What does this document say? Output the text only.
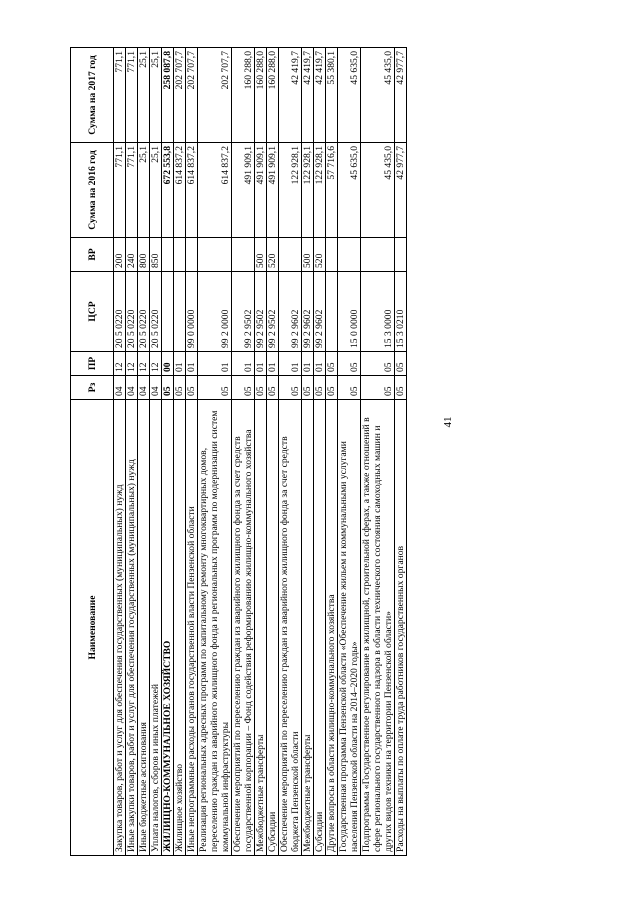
41
Наименование	Рз	ПР	ЦСР	ВР	Сумма на 2016 год	Сумма на 2017 год
Закупка товаров, работ и услуг для обеспечения государственных (муниципальных) нужд	04	12	20 5 0220	200	771,1	771,1
Иные закупки товаров, работ и услуг для обеспечения государственных (муниципальных) нужд	04	12	20 5 0220	240	771,1	771,1
Иные бюджетные ассигнования	04	12	20 5 0220	800	25,1	25,1
Уплата налогов, сборов и иных платежей	04	12	20 5 0220	850	25,1	25,1
ЖИЛИЩНО-КОММУНАЛЬНОЕ ХОЗЯЙСТВО	05	00			672 553,8	258 087,8
Жилищное хозяйство	05	01			614 837,2	202 707,7
Иные непрограммные расходы органов государственной власти Пензенской области	05	01	99 0 0000		614 837,2	202 707,7
Реализация региональных адресных программ по капитальному ремонту многоквартирных домов, переселению граждан из аварийного жилищного фонда и региональных программ по модернизации систем коммунальной инфраструктуры	05	01	99 2 0000		614 837,2	202 707,7
Обеспечение мероприятий по переселению граждан из аварийного жилищного фонда за счет средств государственной корпорации – Фонд содействия реформированию жилищно-коммунального хозяйства	05	01	99 2 9502		491 909,1	160 288,0
Межбюджетные трансферты	05	01	99 2 9502	500	491 909,1	160 288,0
Субсидии	05	01	99 2 9502	520	491 909,1	160 288,0
Обеспечение мероприятий по переселению граждан из аварийного жилищного фонда за счет средств бюджета Пензенской области	05	01	99 2 9602		122 928,1	42 419,7
Межбюджетные трансферты	05	01	99 2 9602	500	122 928,1	42 419,7
Субсидии	05	01	99 2 9602	520	122 928,1	42 419,7
Другие вопросы в области жилищно-коммунального хозяйства	05	05			57 716,6	55 380,1
Государственная программа Пензенской области «Обеспечение жильем и коммунальными услугами населения Пензенской области на 2014–2020 годы»	05	05	15 0 0000		45 635,0	45 635,0
Подпрограмма «Государственное регулирование в жилищной, строительной сферах, а также отношений в сфере регионального государственного надзора в области технического состояния самоходных машин и других видов техники на территории Пензенской области»	05	05	15 3 0000		45 435,0	45 435,0
Расходы на выплаты по оплате труда работников государственных органов	05	05	15 3 0210		42 977,7	42 977,7
